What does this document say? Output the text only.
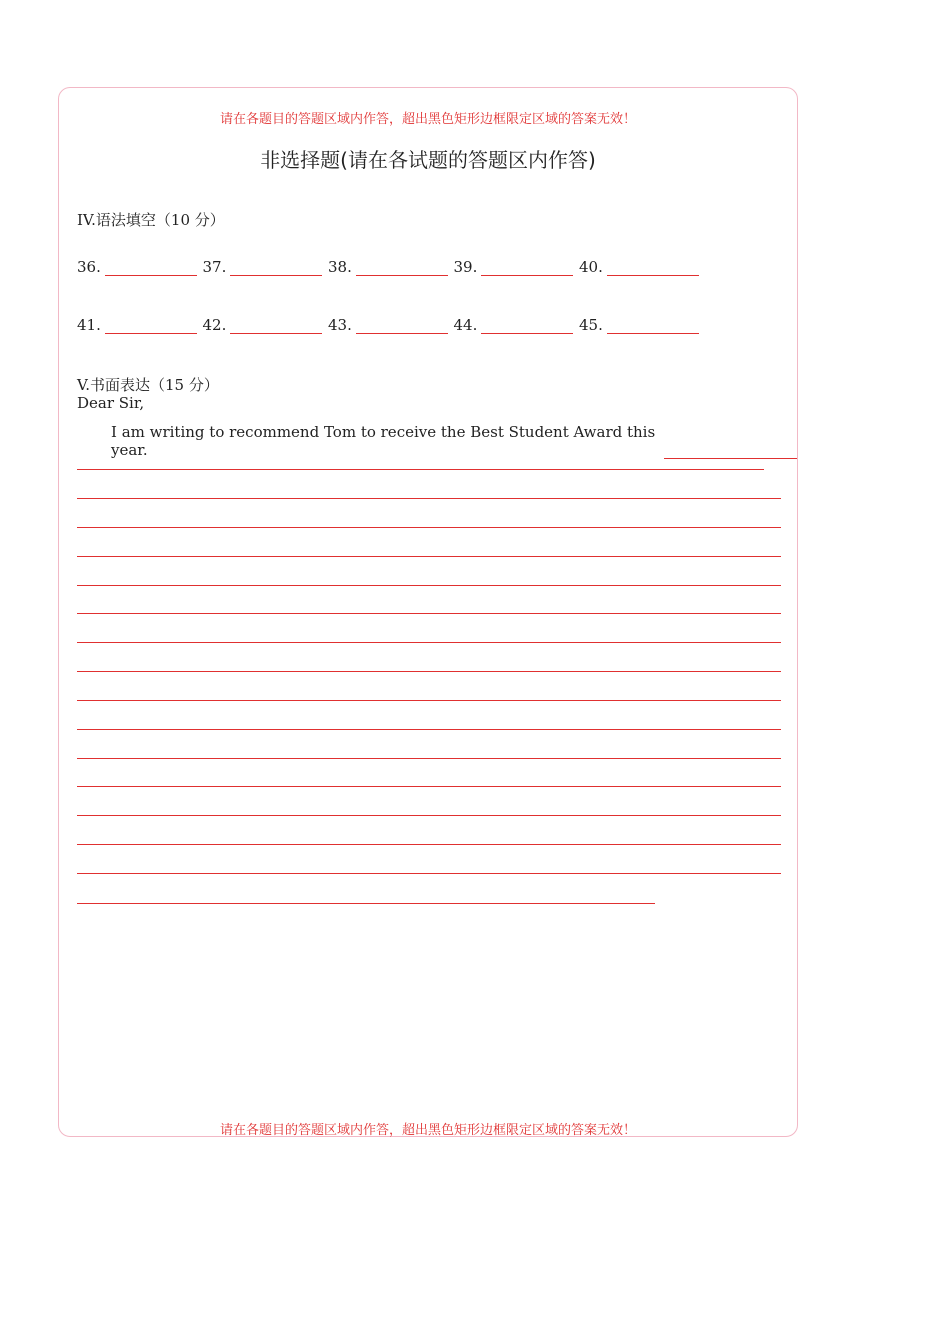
请在各题目的答题区域内作答，超出黑色矩形边框限定区域的答案无效！
非选择题(请在各试题的答题区内作答)
IV.语法填空（10 分）
36.	37.	38.	39.	40.
41.	42.	43.	44.	45.
V.书面表达（15 分）
Dear Sir,
I am writing to recommend Tom to receive the Best Student Award this year.
请在各题目的答题区域内作答，超出黑色矩形边框限定区域的答案无效！
